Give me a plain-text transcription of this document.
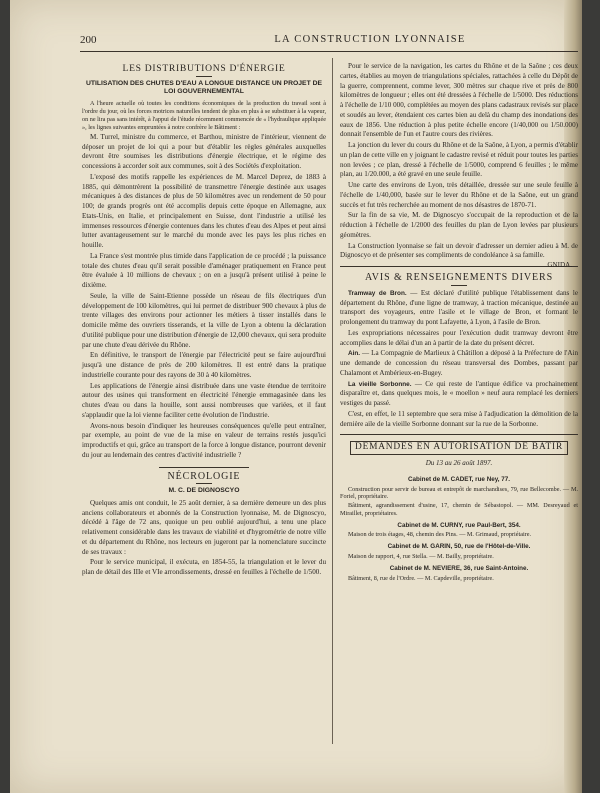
200	LA CONSTRUCTION LYONNAISE
LES DISTRIBUTIONS D'ÉNERGIE
UTILISATION DES CHUTES D'EAU A LONGUE DISTANCE UN PROJET DE LOI GOUVERNEMENTAL

A l'heure actuelle où toutes les conditions économiques de la production du travail sont à l'ordre du jour, où les forces motrices naturelles tendent de plus en plus à se substituer à la vapeur, on ne lira pas sans intérêt, à l'appui de l'étude récemment commencée de « l'hydraulique appliquée », les lignes suivantes empruntées à notre confrère le Bâtiment :

M. Turrel, ministre du commerce, et Barthou, ministre de l'intérieur, viennent de déposer un projet de loi qui a pour but d'établir les règles générales auxquelles devront être soumises les distributions d'énergie électrique, et le régime des concessions à accorder soit aux communes, soit à des Sociétés d'exploitation.

L'exposé des motifs rappelle les expériences de M. Marcel Deprez, de 1883 à 1885, qui démontrèrent la possibilité de transmettre l'énergie destinée aux usages mécaniques à des distances de plus de 50 kilomètres avec un rendement de 50 pour 100; de grands progrès ont été accomplis depuis cette époque en Allemagne, aux Etats-Unis, en Italie, et principalement en Suisse, dont l'industrie a utilisé les immenses ressources d'énergie contenues dans les chutes d'eau des Alpes et peut ainsi lutter avantageusement sur le marché du monde avec les pays les plus riches en houille.

La France s'est montrée plus timide dans l'application de ce procédé ; la puissance totale des chutes d'eau qu'il serait possible d'aménager pratiquement en France peut être évaluée à 10 millions de chevaux ; on en a jusqu'à présent utilisé à peine le dixième.

Seule, la ville de Saint-Etienne possède un réseau de fils électriques d'un développement de 100 kilomètres, qui lui permet de distribuer 900 chevaux à plus de trente villages des environs pour actionner les métiers à tisser installés dans le domicile même des ouvriers tisserands, et la ville de Lyon a obtenu la déclaration d'utilité publique pour une distribution d'énergie de 12,000 chevaux, qui sera produite par une chute d'eau dérivée du Rhône.

En définitive, le transport de l'énergie par l'électricité peut se faire aujourd'hui jusqu'à une distance de près de 200 kilomètres. Il est entré dans la pratique industrielle courante pour des rayons de 30 à 40 kilomètres.

Les applications de l'énergie ainsi distribuée dans une vaste étendue de territoire autour des usines qui transforment en électricité l'énergie emmagasinée dans les chutes d'eau ou dans la houille, sont aussi nombreuses que variées, et il faut s'applaudir que la loi vienne faciliter cette évolution de l'industrie.

Avons-nous besoin d'indiquer les heureuses conséquences qu'elle peut entraîner, par exemple, au point de vue de la mise en valeur de terrains restés jusqu'ici improductifs et qui, grâce au transport de la force à longue distance, pourront devenir du jour au lendemain des centres d'activité industrielle ?

NÉCROLOGIE
M. C. DE DIGNOSCYO

Quelques amis ont conduit, le 25 août dernier, à sa dernière demeure un des plus anciens collaborateurs et abonnés de la Construction lyonnaise, M. de Dignoscyo, décédé à l'âge de 72 ans, quoique un peu oublié aujourd'hui, a tenu une place relativement considérable dans les travaux de viabilité et d'hygrométrie de notre ville et du département du Rhône, nos lecteurs en jugeront par la nomenclature succincte de ses travaux :

Pour le service municipal, il exécuta, en 1854-55, la triangulation et le lever du plan de détail des IIIe et VIe arrondissements, dressé en feuilles à l'échelle de 1/500.

Pour le service de la navigation, les cartes du Rhône et de la Saône ; ces deux cartes, établies au moyen de triangulations spéciales, rattachées à celle du Dépôt de la guerre, comprennent, comme lever, 300 mètres sur chaque rive et près de 800 kilomètres de longueur ; elles ont été dressées à l'échelle de 1/5000. Des réductions à l'échelle de 1/10 000, complétées au moyen des plans cadastraux revisés sur place et soudés au lever, étendaient ces cartes bien au delà du champ des inondations des eaux de 1856. Une réduction à plus petite échelle encore (1/40,000 ou 1/50.000) donnait l'ensemble de l'un et l'autre cours des rivières.

La jonction du lever du cours du Rhône et de la Saône, à Lyon, a permis d'établir un plan de cette ville en y joignant le cadastre revisé et réduit pour toutes les parties non levées ; ce plan, dressé à l'échelle de 1/5000, comprend 6 feuilles ; le même plan, au 1/20.000, a été gravé en une seule feuille.

Une carte des environs de Lyon, très détaillée, dressée sur une seule feuille à l'échelle de 1/40,000, basée sur le lever du Rhône et de la Saône, eut un grand succès et fut très recherchée au moment de nos désastres de 1870-71.

Sur la fin de sa vie, M. de Dignoscyo s'occupait de la reproduction et de la réduction à l'échelle de 1/2000 des feuilles du plan de Lyon levées par plusieurs géomètres.

La Construction lyonnaise se fait un devoir d'adresser un dernier adieu à M. de Dignoscyo et de présenter ses compliments de condoléance à sa famille.
GNIDA.

AVIS & RENSEIGNEMENTS DIVERS

Tramway de Bron. — Est déclaré d'utilité publique l'établissement dans le département du Rhône, d'une ligne de tramway, à traction mécanique, destinée au transport des voyageurs, entre l'asile et le village de Bron, et formant le prolongement du tramway du pont Lafayette, à Lyon, à l'asile de Bron.

Les expropriations nécessaires pour l'exécution dudit tramway devront être accomplies dans le délai d'un an à partir de la date du présent décret.

Ain. — La Compagnie de Marlieux à Châtillon a déposé à la Préfecture de l'Ain une demande de concession du réseau transversal des Dombes, passant par Chalamont et Ambérieux-en-Bugey.

La vieille Sorbonne. — Ce qui reste de l'antique édifice va prochainement disparaître et, dans quelques mois, le « moellon » neuf aura remplacé les derniers vestiges du passé.

C'est, en effet, le 11 septembre que sera mise à l'adjudication la démolition de la dernière aile de la vieille Sorbonne donnant sur la rue de la Sorbonne.

DEMANDES EN AUTORISATION DE BATIR
Du 13 au 26 août 1897.
Cabinet de M. CADET, rue Ney, 77.

Construction pour servir de bureau et entrepôt de marchandises, 79, rue Bellecombe. — M. Foriel, propriétaire.

Bâtiment, agrandissement d'usine, 17, chemin de Sébastopol. — MM. Desreyaud et Miraillet, propriétaires.

Cabinet de M. CURNY, rue Paul-Bert, 354.

Maison de trois étages, 48, chemin des Pins. — M. Grimaud, propriétaire.

Cabinet de M. GARIN, 50, rue de l'Hôtel-de-Ville.

Maison de rapport, 4, rue Stella. — M. Bailly, propriétaire.

Cabinet de M. NEVIERE, 36, rue Saint-Antoine.

Bâtiment, 8, rue de l'Ordre. — M. Capdeville, propriétaire.
